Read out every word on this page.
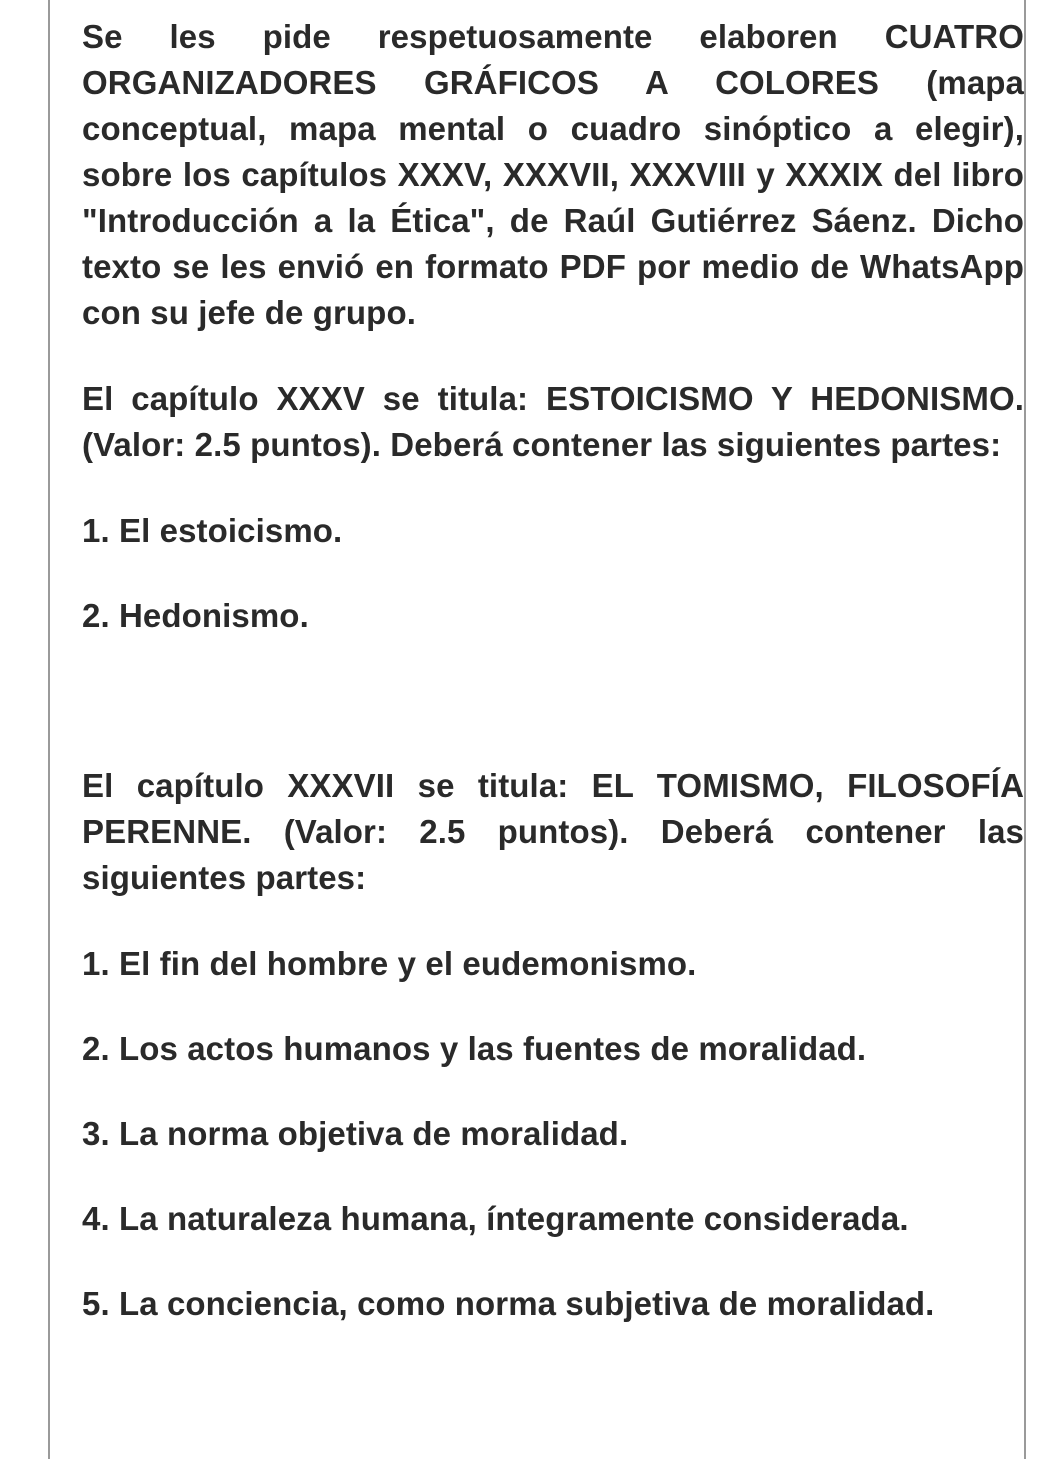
Se les pide respetuosamente elaboren CUATRO ORGANIZADORES GRÁFICOS A COLORES (mapa conceptual, mapa mental o cuadro sinóptico a elegir), sobre los capítulos XXXV, XXXVII, XXXVIII y XXXIX del libro "Introducción a la Ética", de Raúl Gutiérrez Sáenz. Dicho texto se les envió en formato PDF por medio de WhatsApp con su jefe de grupo.

El capítulo XXXV se titula: ESTOICISMO Y HEDONISMO. (Valor: 2.5 puntos). Deberá contener las siguientes partes:

1. El estoicismo.

2. Hedonismo.

El capítulo XXXVII se titula: EL TOMISMO, FILOSOFÍA PERENNE. (Valor: 2.5 puntos). Deberá contener las siguientes partes:

1. El fin del hombre y el eudemonismo.

2. Los actos humanos y las fuentes de moralidad.

3. La norma objetiva de moralidad.

4. La naturaleza humana, íntegramente considerada.

5. La conciencia, como norma subjetiva de moralidad.
